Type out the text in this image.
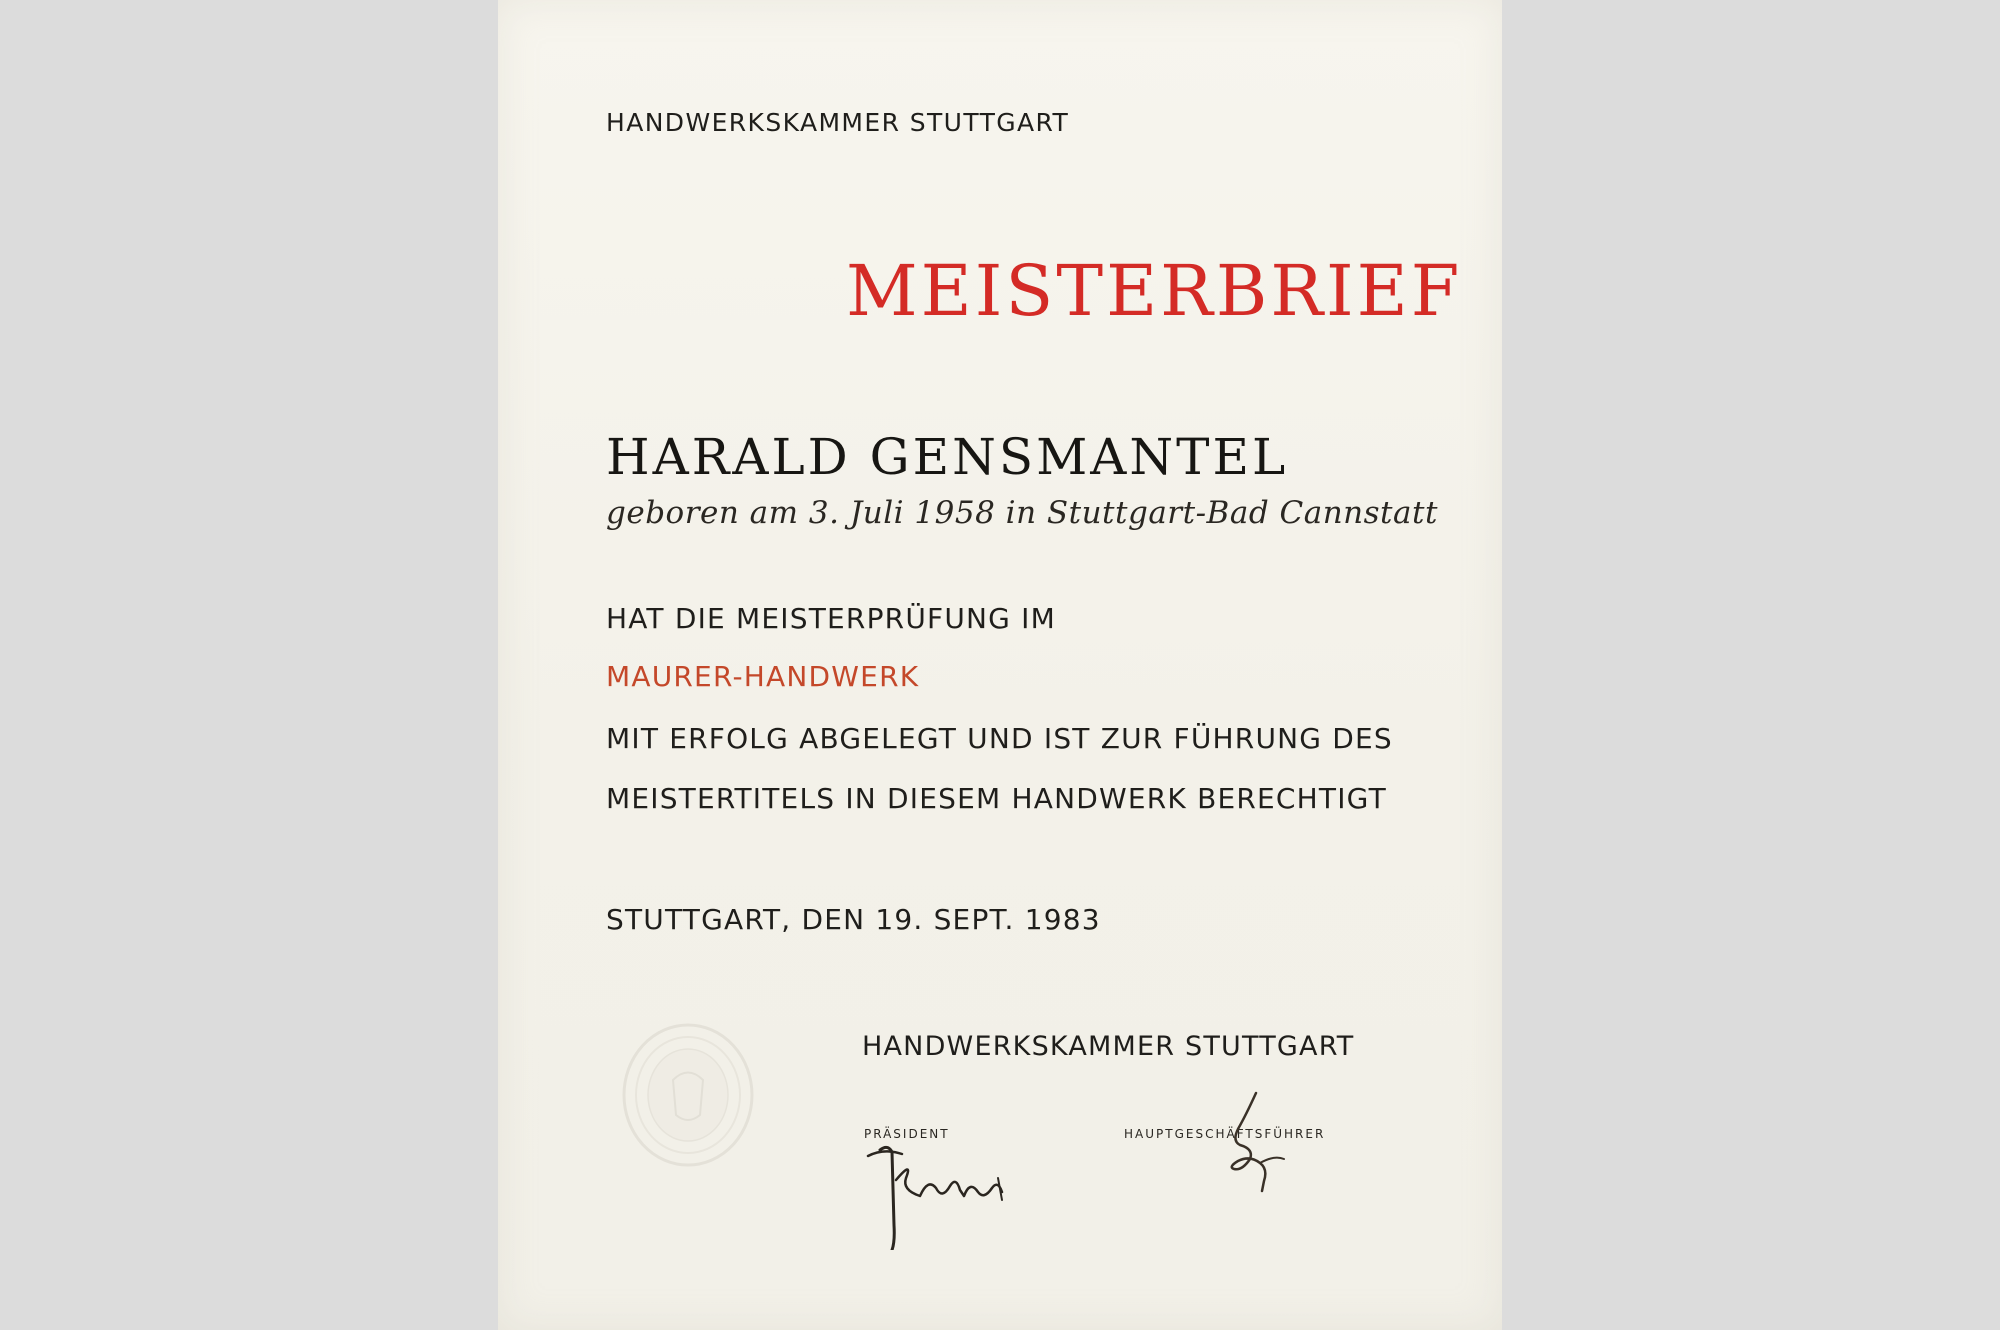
HANDWERKSKAMMER STUTTGART

MEISTERBRIEF

HARALD GENSMANTEL

geboren am 3. Juli 1958 in Stuttgart-Bad Cannstatt

HAT DIE MEISTERPRÜFUNG IM

MAURER-HANDWERK

MIT ERFOLG ABGELEGT UND IST ZUR FÜHRUNG DES

MEISTERTITELS IN DIESEM HANDWERK BERECHTIGT

STUTTGART, DEN 19. SEPT. 1983

HANDWERKSKAMMER STUTTGART

PRÄSIDENT	HAUPTGESCHÄFTSFÜHRER
